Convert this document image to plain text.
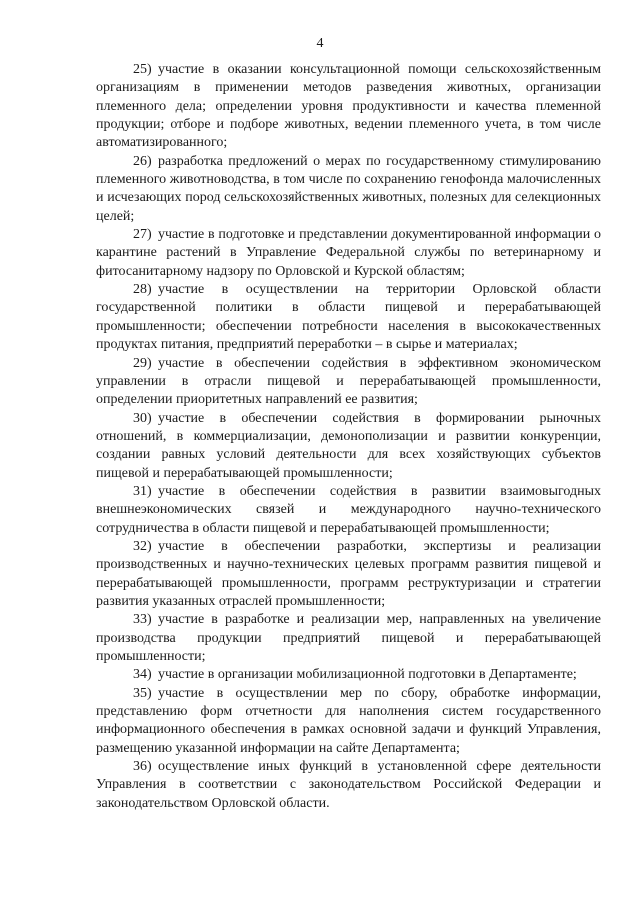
4

25) участие в оказании консультационной помощи сельскохозяйственным организациям в применении методов разведения животных, организации племенного дела; определении уровня продуктивности и качества племенной продукции; отборе и подборе животных, ведении племенного учета, в том числе автоматизированного;

26) разработка предложений о мерах по государственному стимулированию племенного животноводства, в том числе по сохранению генофонда малочисленных и исчезающих пород сельскохозяйственных животных, полезных для селекционных целей;

27) участие в подготовке и представлении документированной информации о карантине растений в Управление Федеральной службы по ветеринарному и фитосанитарному надзору по Орловской и Курской областям;

28) участие в осуществлении на территории Орловской области государственной политики в области пищевой и перерабатывающей промышленности; обеспечении потребности населения в высококачественных продуктах питания, предприятий переработки – в сырье и материалах;

29) участие в обеспечении содействия в эффективном экономическом управлении в отрасли пищевой и перерабатывающей промышленности, определении приоритетных направлений ее развития;

30) участие в обеспечении содействия в формировании рыночных отношений, в коммерциализации, демонополизации и развитии конкуренции, создании равных условий деятельности для всех хозяйствующих субъектов пищевой и перерабатывающей промышленности;

31) участие в обеспечении содействия в развитии взаимовыгодных внешнеэкономических связей и международного научно-технического сотрудничества в области пищевой и перерабатывающей промышленности;

32) участие в обеспечении разработки, экспертизы и реализации производственных и научно-технических целевых программ развития пищевой и перерабатывающей промышленности, программ реструктуризации и стратегии развития указанных отраслей промышленности;

33) участие в разработке и реализации мер, направленных на увеличение производства продукции предприятий пищевой и перерабатывающей промышленности;

34) участие в организации мобилизационной подготовки в Департаменте;

35) участие в осуществлении мер по сбору, обработке информации, представлению форм отчетности для наполнения систем государственного информационного обеспечения в рамках основной задачи и функций Управления, размещению указанной информации на сайте Департамента;

36) осуществление иных функций в установленной сфере деятельности Управления в соответствии с законодательством Российской Федерации и законодательством Орловской области.
